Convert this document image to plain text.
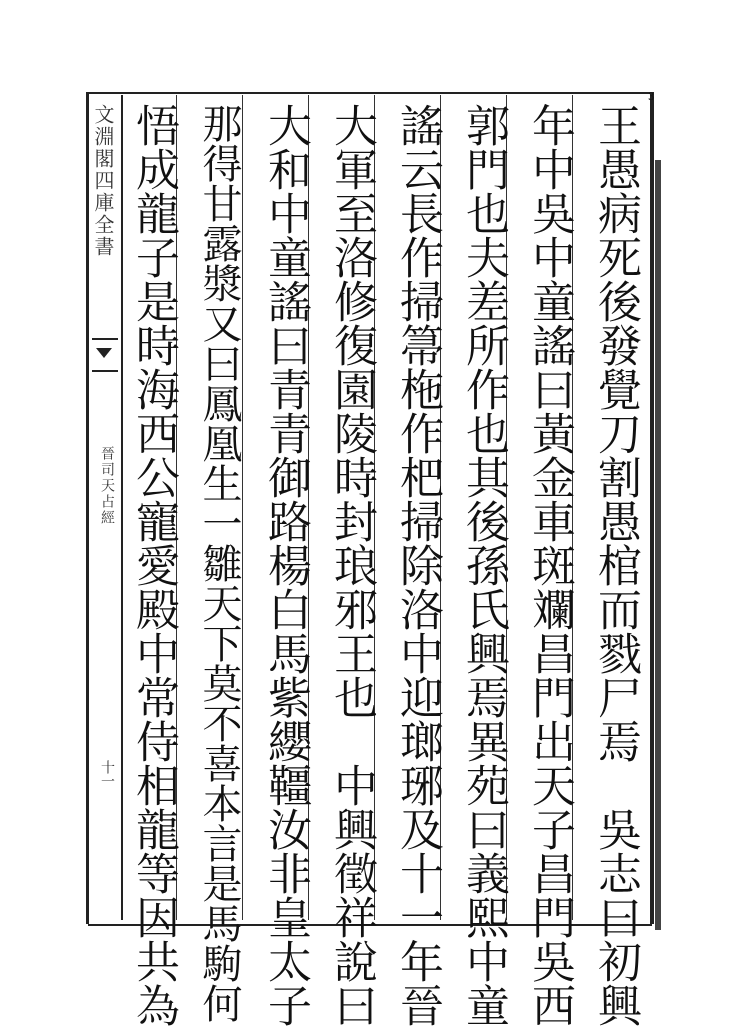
3
文淵閣四庫全書
晉司天占經
十一	王愚病死後發覺刀割愚棺而戮尸焉　吳志曰初興
年中吳中童謠曰黃金車斑斕昌門出天子昌門吳西
郭門也夫差所作也其後孫氏興焉異苑曰義熙中童
謠云長作掃箒柂作杷掃除洛中迎瑯琊及十一年晉
大軍至洛修復園陵時封琅邪王也　中興徵祥說曰
大和中童謠曰青青御路楊白馬紫纓韁汝非皇太子
那得甘露漿又曰鳳凰生一雛天下莫不喜本言是馬駒何
悟成龍子是時海西公寵愛殿中常侍相龍等因共為
